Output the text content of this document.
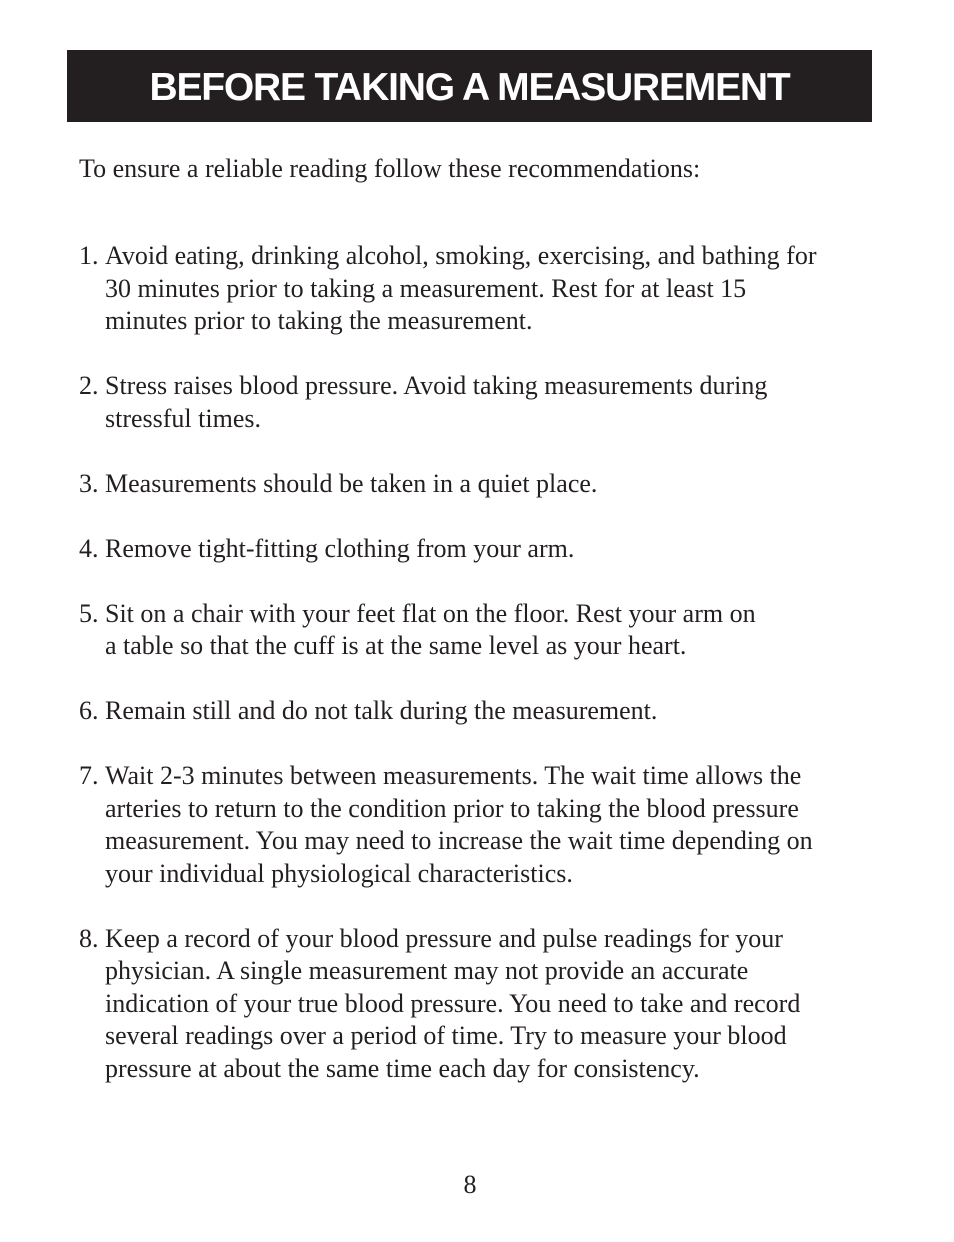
BEFORE TAKING A MEASUREMENT

To ensure a reliable reading follow these recommendations:

1. Avoid eating, drinking alcohol, smoking, exercising, and bathing for
30 minutes prior to taking a measurement. Rest for at least 15
minutes prior to taking the measurement.
2. Stress raises blood pressure. Avoid taking measurements during
stressful times.
3. Measurements should be taken in a quiet place.
4. Remove tight-fitting clothing from your arm.
5. Sit on a chair with your feet flat on the floor. Rest your arm on
a table so that the cuff is at the same level as your heart.
6. Remain still and do not talk during the measurement.
7. Wait 2-3 minutes between measurements. The wait time allows the
arteries to return to the condition prior to taking the blood pressure
measurement. You may need to increase the wait time depending on
your individual physiological characteristics.
8. Keep a record of your blood pressure and pulse readings for your
physician. A single measurement may not provide an accurate
indication of your true blood pressure. You need to take and record
several readings over a period of time. Try to measure your blood
pressure at about the same time each day for consistency.
8
